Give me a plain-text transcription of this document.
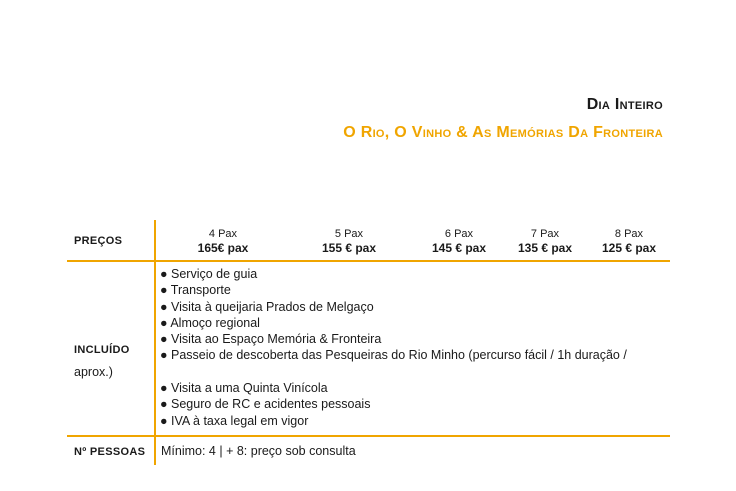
Dia Inteiro
O Rio, O Vinho & As Memórias Da Fronteira
PREÇOS
4 Pax
165€ pax
5 Pax
155 € pax
6 Pax
145 € pax
7 Pax
135 € pax
8 Pax
125 € pax
INCLUÍDO
● Serviço de guia
● Transporte
● Visita à queijaria Prados de Melgaço
● Almoço regional
● Visita ao Espaço Memória & Fronteira
● Passeio de descoberta das Pesqueiras do Rio Minho (percurso fácil / 1h duração /
aprox.)
● Visita a uma Quinta Vinícola
● Seguro de RC e acidentes pessoais
● IVA à taxa legal em vigor
Nº PESSOAS Mínimo: 4 | + 8: preço sob consulta
